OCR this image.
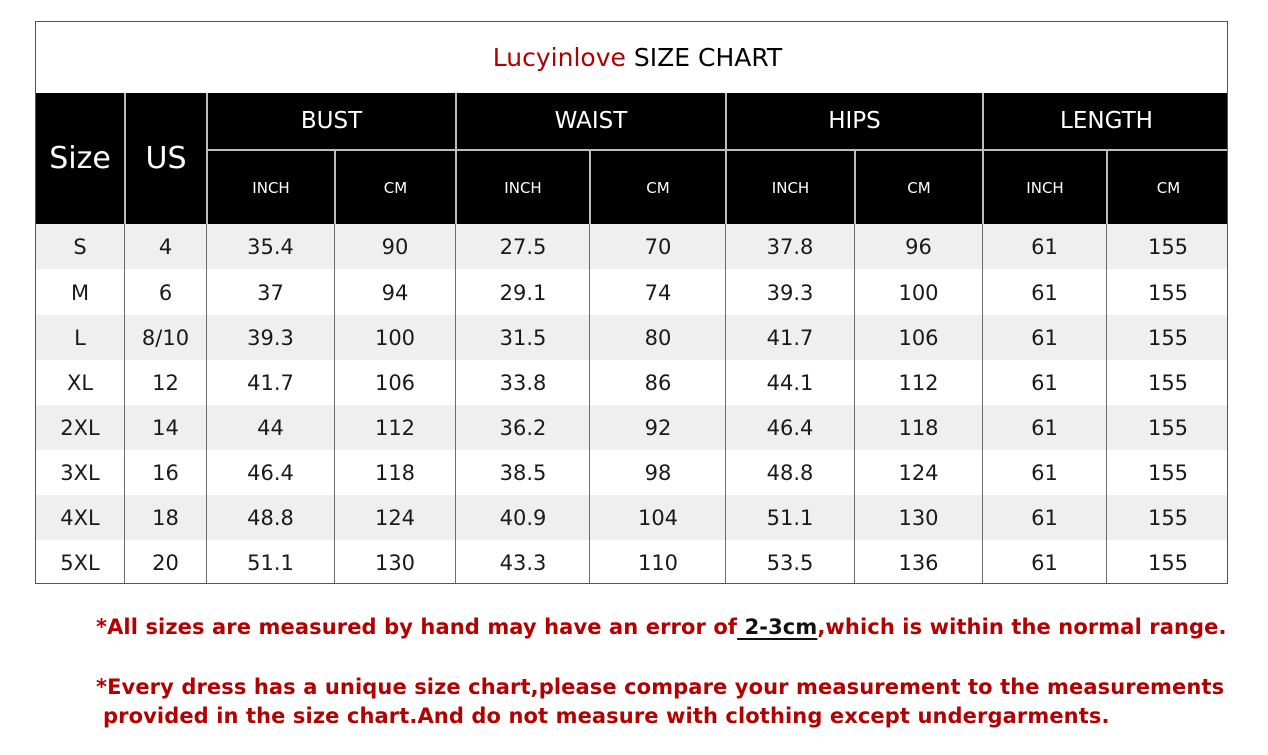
Lucyinlove SIZE CHART
Size	US
BUST	WAIST	HIPS	LENGTH
INCH	CM	INCH	CM	INCH	CM	INCH	CM
S	4	35.4	90	27.5	70	37.8	96	61	155
M	6	37	94	29.1	74	39.3	100	61	155
L	8/10	39.3	100	31.5	80	41.7	106	61	155
XL	12	41.7	106	33.8	86	44.1	112	61	155
2XL	14	44	112	36.2	92	46.4	118	61	155
3XL	16	46.4	118	38.5	98	48.8	124	61	155
4XL	18	48.8	124	40.9	104	51.1	130	61	155
5XL	20	51.1	130	43.3	110	53.5	136	61	155
*All sizes are measured by hand may have an error of 2-3cm,which is within the normal range.
*Every dress has a unique size chart,please compare your measurement to the measurements
provided in the size chart.And do not measure with clothing except undergarments.
